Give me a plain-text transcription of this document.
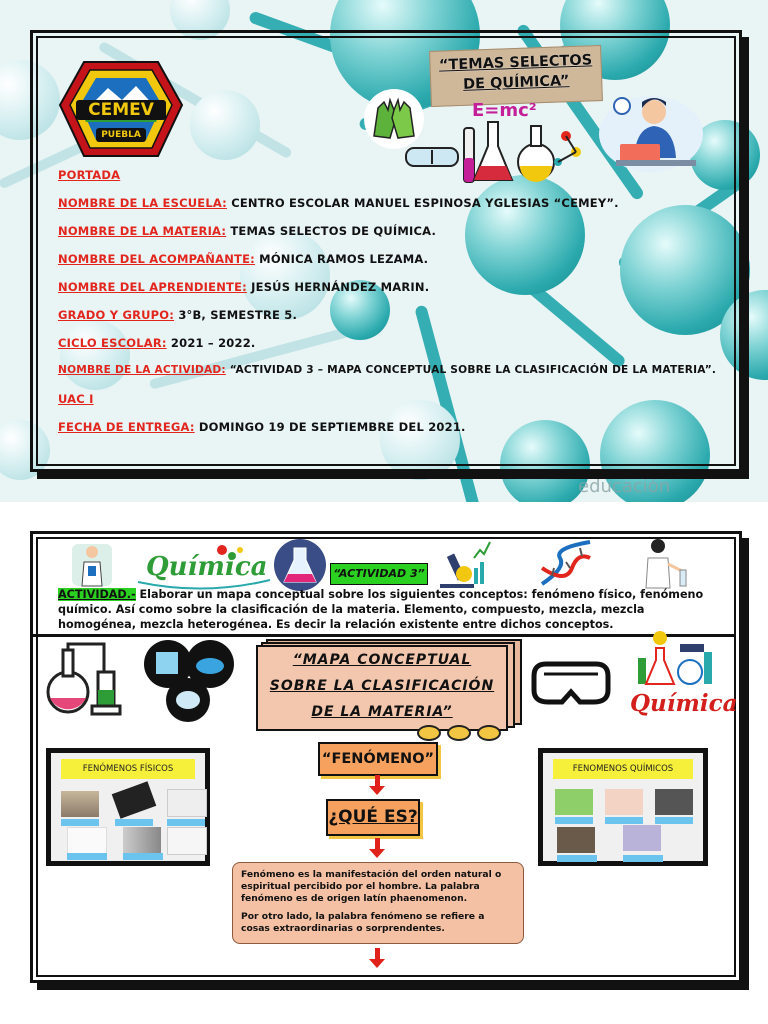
educación
CEMEV
PUEBLA
“TEMAS SELECTOS
DE QUÍMICA”
E=mc²
PORTADA
NOMBRE DE LA ESCUELA: CENTRO ESCOLAR MANUEL ESPINOSA YGLESIAS “CEMEY”.
NOMBRE DE LA MATERIA: TEMAS SELECTOS DE QUÍMICA.
NOMBRE DEL ACOMPAÑANTE: MÓNICA RAMOS LEZAMA.
NOMBRE DEL APRENDIENTE: JESÚS HERNÁNDEZ MARIN.
GRADO Y GRUPO: 3°B, SEMESTRE 5.
CICLO ESCOLAR: 2021 – 2022.
NOMBRE DE LA ACTIVIDAD: “ACTIVIDAD 3 – MAPA CONCEPTUAL SOBRE LA CLASIFICACIÓN DE LA MATERIA”.
UAC I
FECHA DE ENTREGA: DOMINGO 19 DE SEPTIEMBRE DEL 2021.
Química	“ACTIVIDAD 3”
ACTIVIDAD.- Elaborar un mapa conceptual sobre los siguientes conceptos: fenómeno físico, fenómeno químico. Así como sobre la clasificación de la materia. Elemento, compuesto, mezcla, mezcla homogénea, mezcla heterogénea. Es decir la relación existente entre dichos conceptos.
“MAPA CONCEPTUAL
SOBRE LA CLASIFICACIÓN
DE LA MATERIA”	Química
FENÓMENOS FÍSICOS	FENOMENOS QUÍMICOS
“FENÓMENO”
¿QUÉ ES?

Fenómeno es la manifestación del orden natural o espiritual percibido por el hombre. La palabra fenómeno es de origen latín phaenomenon.

Por otro lado, la palabra fenómeno se refiere a cosas extraordinarias o sorprendentes.
